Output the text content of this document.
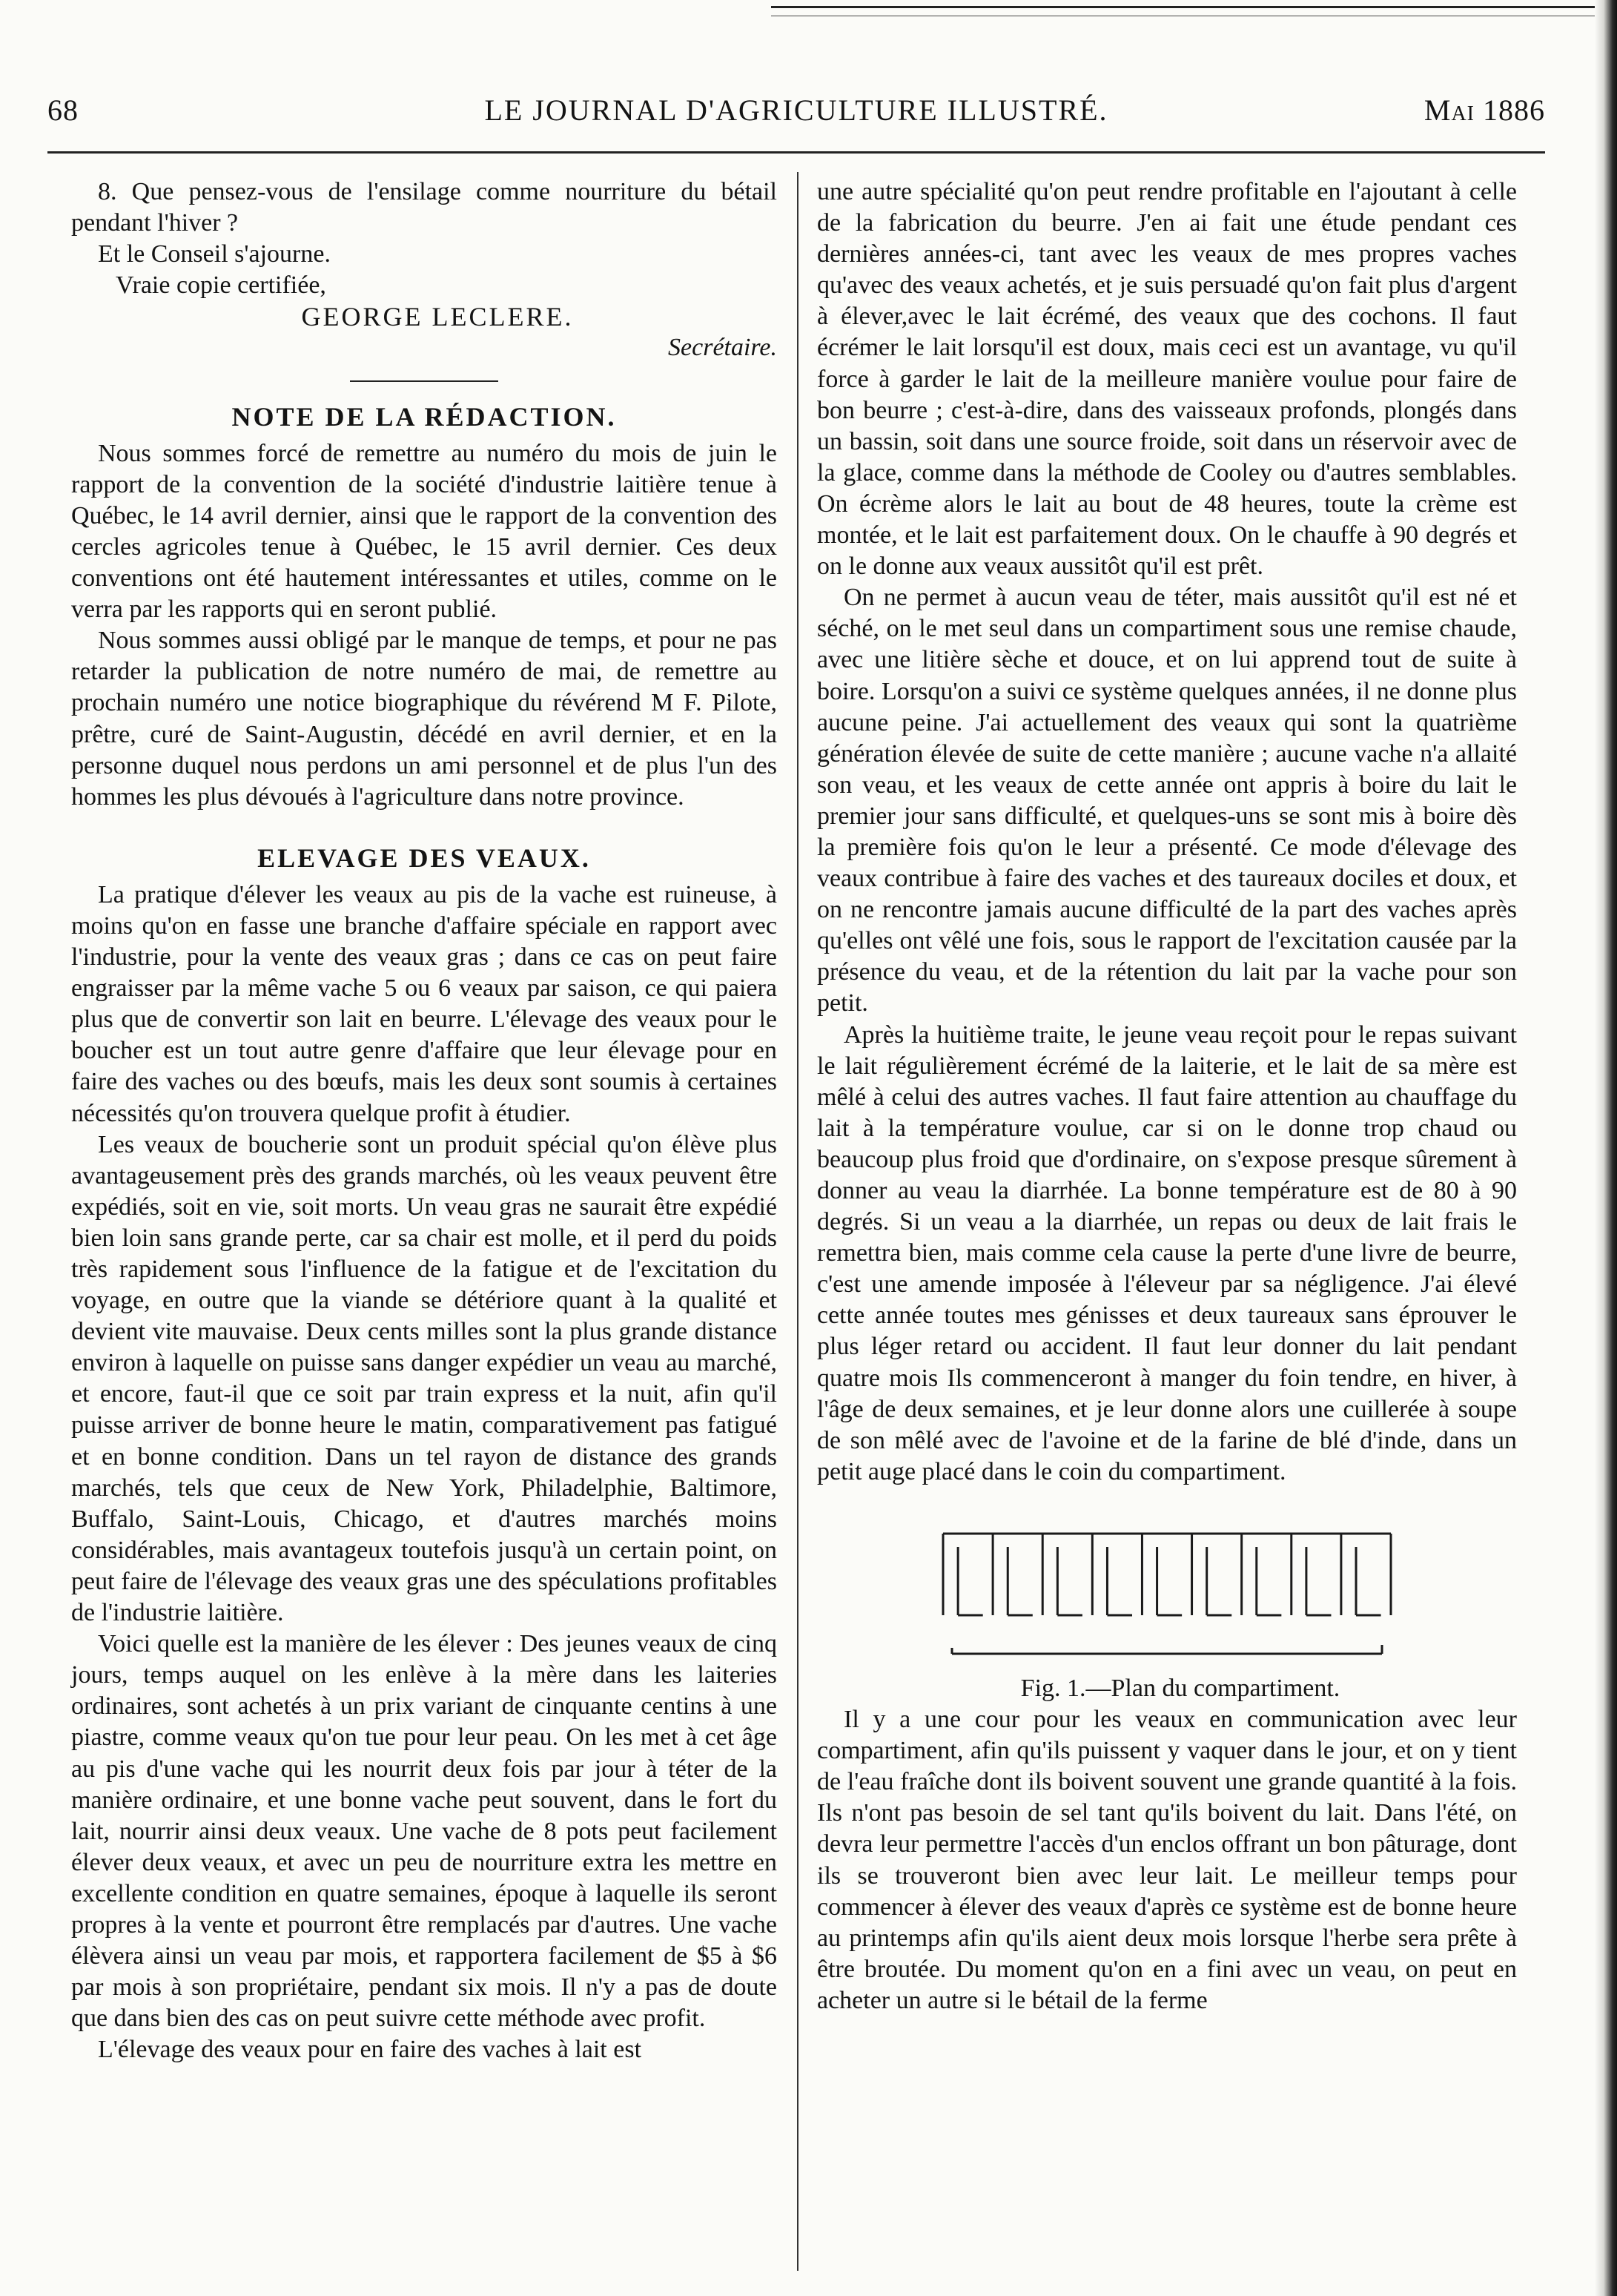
68	LE JOURNAL D'AGRICULTURE ILLUSTRÉ.	Mai 1886

8. Que pensez-vous de l'ensilage comme nourriture du bétail pendant l'hiver ?

Et le Conseil s'ajourne.

Vraie copie certifiée,

GEORGE LECLERE.

Secrétaire.

NOTE DE LA RÉDACTION.

Nous sommes forcé de remettre au numéro du mois de juin le rapport de la convention de la société d'industrie laitière tenue à Québec, le 14 avril dernier, ainsi que le rapport de la convention des cercles agricoles tenue à Québec, le 15 avril dernier. Ces deux conventions ont été hautement intéressantes et utiles, comme on le verra par les rapports qui en seront publié.

Nous sommes aussi obligé par le manque de temps, et pour ne pas retarder la publication de notre numéro de mai, de remettre au prochain numéro une notice biographique du révérend M F. Pilote, prêtre, curé de Saint-Augustin, décédé en avril dernier, et en la personne duquel nous perdons un ami personnel et de plus l'un des hommes les plus dévoués à l'agriculture dans notre province.

ELEVAGE DES VEAUX.

La pratique d'élever les veaux au pis de la vache est ruineuse, à moins qu'on en fasse une branche d'affaire spéciale en rapport avec l'industrie, pour la vente des veaux gras ; dans ce cas on peut faire engraisser par la même vache 5 ou 6 veaux par saison, ce qui paiera plus que de convertir son lait en beurre. L'élevage des veaux pour le boucher est un tout autre genre d'affaire que leur élevage pour en faire des vaches ou des bœufs, mais les deux sont soumis à certaines nécessités qu'on trouvera quelque profit à étudier.

Les veaux de boucherie sont un produit spécial qu'on élève plus avantageusement près des grands marchés, où les veaux peuvent être expédiés, soit en vie, soit morts. Un veau gras ne saurait être expédié bien loin sans grande perte, car sa chair est molle, et il perd du poids très rapidement sous l'influence de la fatigue et de l'excitation du voyage, en outre que la viande se détériore quant à la qualité et devient vite mauvaise. Deux cents milles sont la plus grande distance environ à laquelle on puisse sans danger expédier un veau au marché, et encore, faut-il que ce soit par train express et la nuit, afin qu'il puisse arriver de bonne heure le matin, comparativement pas fatigué et en bonne condition. Dans un tel rayon de distance des grands marchés, tels que ceux de New York, Philadelphie, Baltimore, Buffalo, Saint-Louis, Chicago, et d'autres marchés moins considérables, mais avantageux toutefois jusqu'à un certain point, on peut faire de l'élevage des veaux gras une des spéculations profitables de l'industrie laitière.

Voici quelle est la manière de les élever : Des jeunes veaux de cinq jours, temps auquel on les enlève à la mère dans les laiteries ordinaires, sont achetés à un prix variant de cinquante centins à une piastre, comme veaux qu'on tue pour leur peau. On les met à cet âge au pis d'une vache qui les nourrit deux fois par jour à téter de la manière ordinaire, et une bonne vache peut souvent, dans le fort du lait, nourrir ainsi deux veaux. Une vache de 8 pots peut facilement élever deux veaux, et avec un peu de nourriture extra les mettre en excellente condition en quatre semaines, époque à laquelle ils seront propres à la vente et pourront être remplacés par d'autres. Une vache élèvera ainsi un veau par mois, et rapportera facilement de $5 à $6 par mois à son propriétaire, pendant six mois. Il n'y a pas de doute que dans bien des cas on peut suivre cette méthode avec profit.

L'élevage des veaux pour en faire des vaches à lait est

une autre spécialité qu'on peut rendre profitable en l'ajoutant à celle de la fabrication du beurre. J'en ai fait une étude pendant ces dernières années-ci, tant avec les veaux de mes propres vaches qu'avec des veaux achetés, et je suis persuadé qu'on fait plus d'argent à élever,avec le lait écrémé, des veaux que des cochons. Il faut écrémer le lait lorsqu'il est doux, mais ceci est un avantage, vu qu'il force à garder le lait de la meilleure manière voulue pour faire de bon beurre ; c'est-à-dire, dans des vaisseaux profonds, plongés dans un bassin, soit dans une source froide, soit dans un réservoir avec de la glace, comme dans la méthode de Cooley ou d'autres semblables. On écrème alors le lait au bout de 48 heures, toute la crème est montée, et le lait est parfaitement doux. On le chauffe à 90 degrés et on le donne aux veaux aussitôt qu'il est prêt.

On ne permet à aucun veau de téter, mais aussitôt qu'il est né et séché, on le met seul dans un compartiment sous une remise chaude, avec une litière sèche et douce, et on lui apprend tout de suite à boire. Lorsqu'on a suivi ce système quelques années, il ne donne plus aucune peine. J'ai actuellement des veaux qui sont la quatrième génération élevée de suite de cette manière ; aucune vache n'a allaité son veau, et les veaux de cette année ont appris à boire du lait le premier jour sans difficulté, et quelques-uns se sont mis à boire dès la première fois qu'on le leur a présenté. Ce mode d'élevage des veaux contribue à faire des vaches et des taureaux dociles et doux, et on ne rencontre jamais aucune difficulté de la part des vaches après qu'elles ont vêlé une fois, sous le rapport de l'excitation causée par la présence du veau, et de la rétention du lait par la vache pour son petit.

Après la huitième traite, le jeune veau reçoit pour le repas suivant le lait régulièrement écrémé de la laiterie, et le lait de sa mère est mêlé à celui des autres vaches. Il faut faire attention au chauffage du lait à la température voulue, car si on le donne trop chaud ou beaucoup plus froid que d'ordinaire, on s'expose presque sûrement à donner au veau la diarrhée. La bonne température est de 80 à 90 degrés. Si un veau a la diarrhée, un repas ou deux de lait frais le remettra bien, mais comme cela cause la perte d'une livre de beurre, c'est une amende imposée à l'éleveur par sa négligence. J'ai élevé cette année toutes mes génisses et deux taureaux sans éprouver le plus léger retard ou accident. Il faut leur donner du lait pendant quatre mois Ils commenceront à manger du foin tendre, en hiver, à l'âge de deux semaines, et je leur donne alors une cuillerée à soupe de son mêlé avec de l'avoine et de la farine de blé d'inde, dans un petit auge placé dans le coin du compartiment.

Fig. 1.—Plan du compartiment.

Il y a une cour pour les veaux en communication avec leur compartiment, afin qu'ils puissent y vaquer dans le jour, et on y tient de l'eau fraîche dont ils boivent souvent une grande quantité à la fois. Ils n'ont pas besoin de sel tant qu'ils boivent du lait. Dans l'été, on devra leur permettre l'accès d'un enclos offrant un bon pâturage, dont ils se trouveront bien avec leur lait. Le meilleur temps pour commencer à élever des veaux d'après ce système est de bonne heure au printemps afin qu'ils aient deux mois lorsque l'herbe sera prête à être broutée. Du moment qu'on en a fini avec un veau, on peut en acheter un autre si le bétail de la ferme
